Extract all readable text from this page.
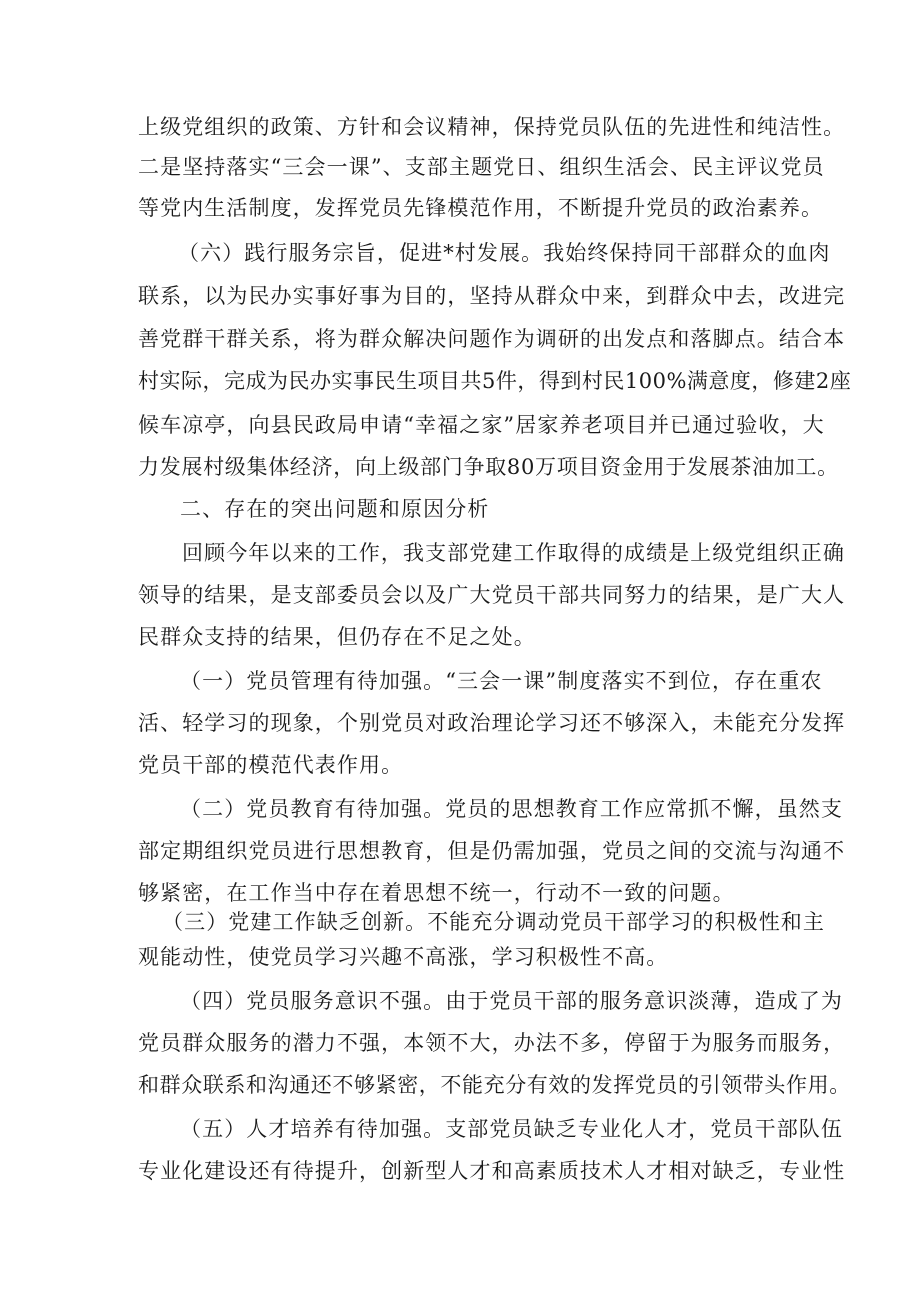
上级党组织的政策、方针和会议精神，保持党员队伍的先进性和纯洁性。
二是坚持落实“三会一课”、支部主题党日、组织生活会、民主评议党员
等党内生活制度，发挥党员先锋模范作用，不断提升党员的政治素养。
（六）践行服务宗旨，促进*村发展。我始终保持同干部群众的血肉
联系，以为民办实事好事为目的，坚持从群众中来，到群众中去，改进完
善党群干群关系，将为群众解决问题作为调研的出发点和落脚点。结合本
村实际，完成为民办实事民生项目共5件，得到村民100%满意度，修建2座
候车凉亭，向县民政局申请“幸福之家”居家养老项目并已通过验收，大
力发展村级集体经济，向上级部门争取80万项目资金用于发展茶油加工。
二、存在的突出问题和原因分析
回顾今年以来的工作，我支部党建工作取得的成绩是上级党组织正确
领导的结果，是支部委员会以及广大党员干部共同努力的结果，是广大人
民群众支持的结果，但仍存在不足之处。
（一）党员管理有待加强。“三会一课”制度落实不到位，存在重农
活、轻学习的现象，个别党员对政治理论学习还不够深入，未能充分发挥
党员干部的模范代表作用。
（二）党员教育有待加强。党员的思想教育工作应常抓不懈，虽然支
部定期组织党员进行思想教育，但是仍需加强，党员之间的交流与沟通不
够紧密，在工作当中存在着思想不统一，行动不一致的问题。
（三）党建工作缺乏创新。不能充分调动党员干部学习的积极性和主
观能动性，使党员学习兴趣不高涨，学习积极性不高。
（四）党员服务意识不强。由于党员干部的服务意识淡薄，造成了为
党员群众服务的潜力不强，本领不大，办法不多，停留于为服务而服务，
和群众联系和沟通还不够紧密，不能充分有效的发挥党员的引领带头作用。
（五）人才培养有待加强。支部党员缺乏专业化人才，党员干部队伍
专业化建设还有待提升，创新型人才和高素质技术人才相对缺乏，专业性
